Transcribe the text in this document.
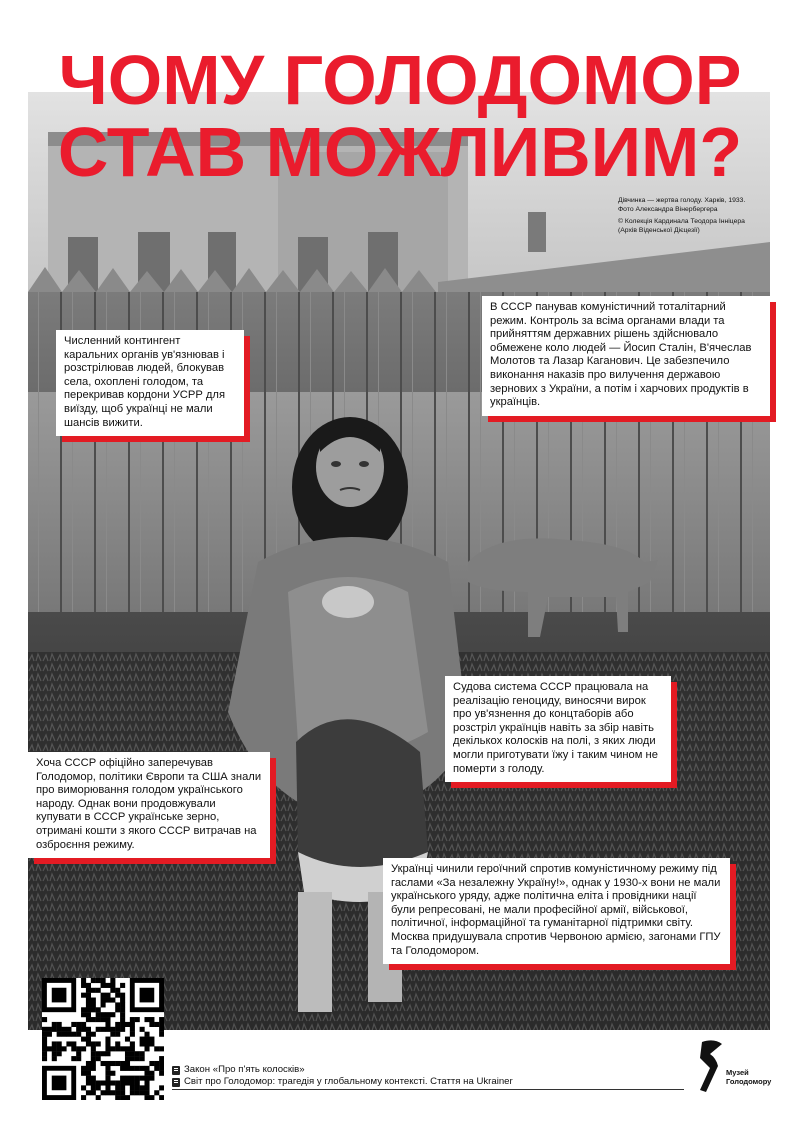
ЧОМУ ГОЛОДОМОР
СТАВ МОЖЛИВИМ?
Дівчинка — жертва голоду. Харків, 1933.
Фото Александра Вінербергера
© Колекція Кардинала Теодора Інніцера
(Архів Віденської Дієцезії)

Численний контингент каральних органів ув'язнював і розстрілював людей, блокував села, охоплені голодом, та перекривав кордони УСРР для виїзду, щоб українці не мали шансів вижити.

В СССР панував комуністичний тоталітарний режим. Контроль за всіма органами влади та прийняттям державних рішень здійснювало обмежене коло людей — Йосип Сталін, В'ячеслав Молотов та Лазар Каганович. Це забезпечило виконання наказів про вилучення державою зернових з України, а потім і харчових продуктів в українців.

Судова система СССР працювала на реалізацію геноциду, виносячи вирок про ув'язнення до концтаборів або розстріл українців навіть за збір навіть декількох колосків на полі, з яких люди могли приготувати їжу і таким чином не померти з голоду.

Хоча СССР офіційно заперечував Голодомор, політики Європи та США знали про виморювання голодом українського народу. Однак вони продовжували купувати в СССР українське зерно, отримані кошти з якого СССР витрачав на озброєння режиму.

Українці чинили героїчний спротив комуністичному режиму під гаслами «За незалежну Україну!», однак у 1930-х вони не мали українського уряду, адже політична еліта і провідники нації були репресовані, не мали професійної армії, військової, політичної, інформаційної та гуманітарної підтримки світу. Москва придушувала спротив Червоною армією, загонами ГПУ та Голодомором.

Закон «Про п'ять колосків»
Світ про Голодомор: трагедія у глобальному контексті. Стаття на Ukrainer
Музей
Голодомору
